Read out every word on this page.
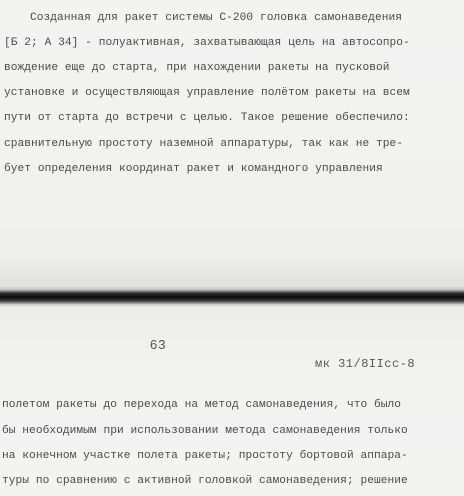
Созданная для ракет системы С-200 головка самонаведения
[Б 2; А 34] - полуактивная, захватывающая цель на автосопро-
вождение еще до старта, при нахождении ракеты на пусковой
установке и осуществляющая управление полётом ракеты на всем
пути от старта до встречи с целью. Такое решение обеспечило:
сравнительную простоту наземной аппаратуры, так как не тре-
бует определения координат ракет и командного управления
63
мк 31/8IIсс-8
полетом ракеты до перехода на метод самонаведения, что было
бы необходимым при использовании метода самонаведения только
на конечном участке полета ракеты; простоту бортовой аппара-
туры по сравнению с активной головкой самонаведения; решение
